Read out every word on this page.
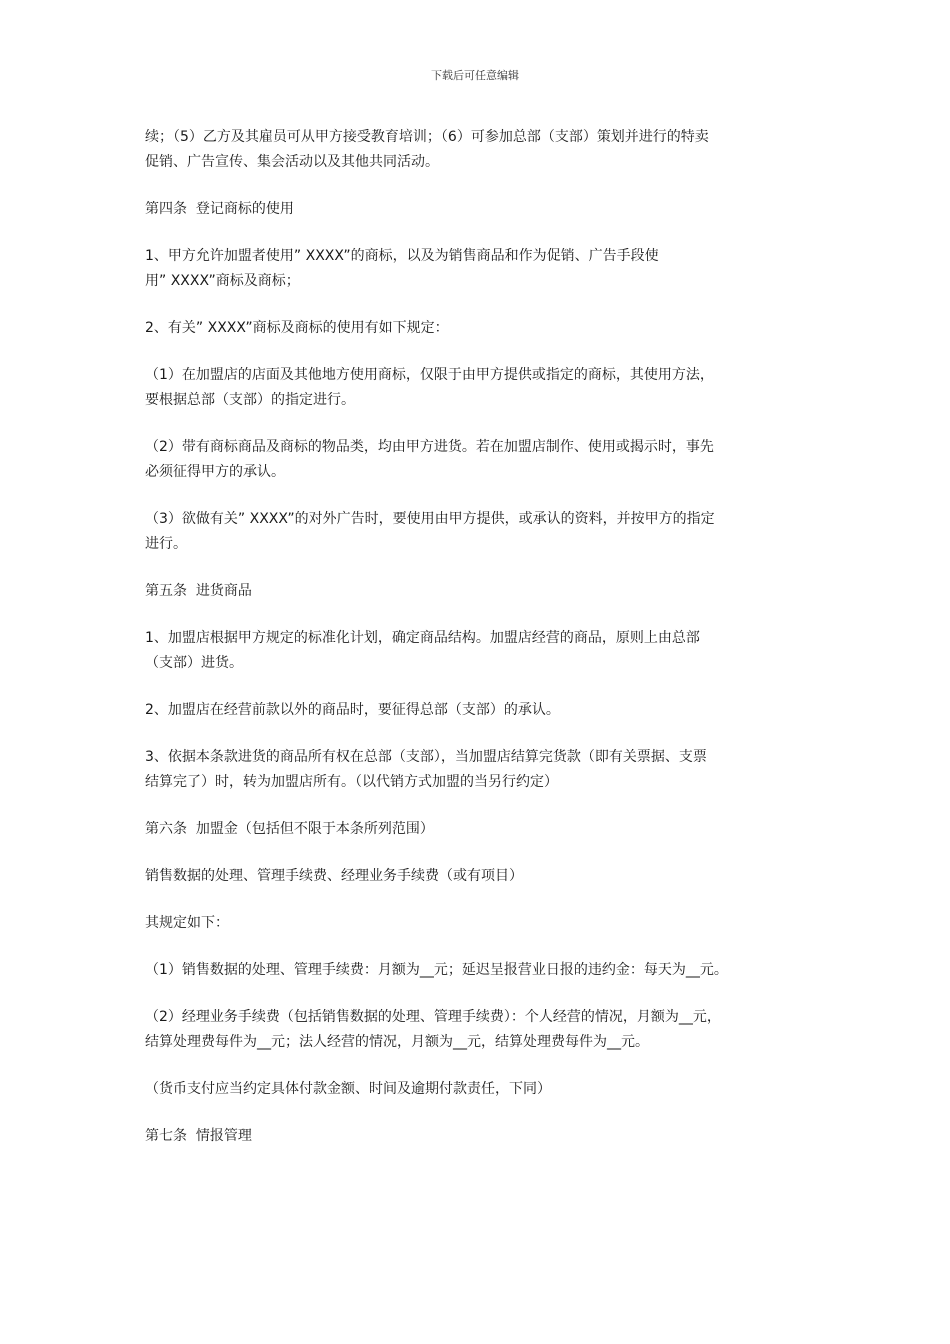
下载后可任意编辑

续；（5）乙方及其雇员可从甲方接受教育培训；（6）可参加总部（支部）策划并进行的特卖
促销、广告宣传、集会活动以及其他共同活动。

第四条  登记商标的使用

1、甲方允许加盟者使用” XXXX”的商标，以及为销售商品和作为促销、广告手段使
用” XXXX”商标及商标；

2、有关” XXXX”商标及商标的使用有如下规定：

（1）在加盟店的店面及其他地方使用商标，仅限于由甲方提供或指定的商标，其使用方法，
要根据总部（支部）的指定进行。

（2）带有商标商品及商标的物品类，均由甲方进货。若在加盟店制作、使用或揭示时，事先
必须征得甲方的承认。

（3）欲做有关” XXXX”的对外广告时，要使用由甲方提供，或承认的资料，并按甲方的指定
进行。

第五条  进货商品

1、加盟店根据甲方规定的标准化计划，确定商品结构。加盟店经营的商品，原则上由总部
（支部）进货。

2、加盟店在经营前款以外的商品时，要征得总部（支部）的承认。

3、依据本条款进货的商品所有权在总部（支部），当加盟店结算完货款（即有关票据、支票
结算完了）时，转为加盟店所有。（以代销方式加盟的当另行约定）

第六条  加盟金（包括但不限于本条所列范围）

销售数据的处理、管理手续费、经理业务手续费（或有项目）

其规定如下：

（1）销售数据的处理、管理手续费：月额为__元；延迟呈报营业日报的违约金：每天为__元。

（2）经理业务手续费（包括销售数据的处理、管理手续费）：个人经营的情况，月额为__元，
结算处理费每件为__元；法人经营的情况，月额为__元，结算处理费每件为__元。

（货币支付应当约定具体付款金额、时间及逾期付款责任，下同）

第七条  情报管理
